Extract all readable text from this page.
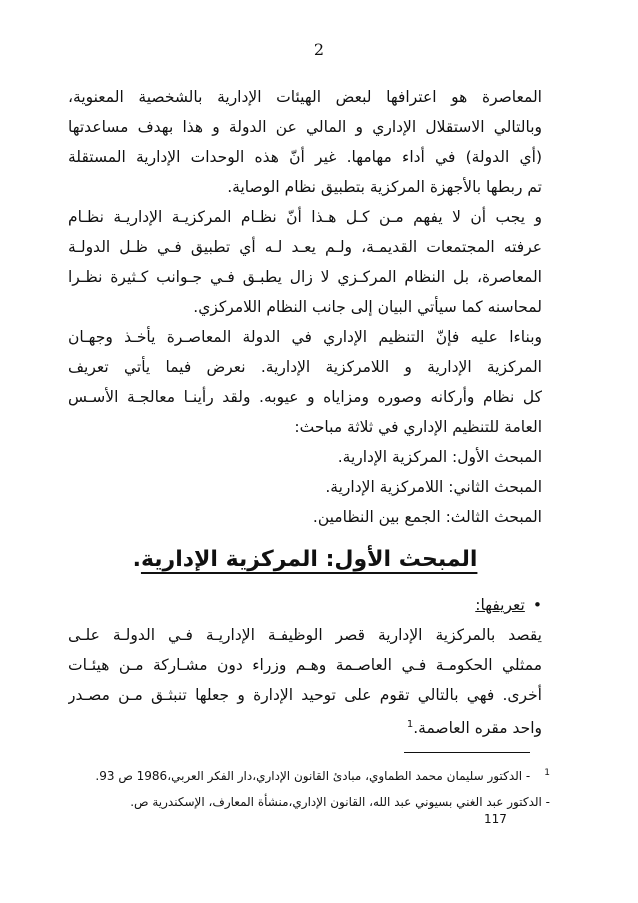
2
المعاصرة هو اعترافها لبعض الهيئات الإدارية بالشخصية المعنوية،
وبالتالي الاستقلال الإداري و المالي عن الدولة و هذا بهدف مساعدتها
(أي الدولة) في أداء مهامها. غير أنّ هذه الوحدات الإدارية المستقلة
تم ربطها بالأجهزة المركزية بتطبيق نظام الوصاية.
و يجب أن لا يفهم مـن كـل هـذا أنّ نظـام المركزيـة الإداريـة نظـام
عرفته المجتمعات القديمـة، ولـم يعـد لـه أي تطبيق فـي ظـل الدولـة
المعاصرة، بل النظام المركـزي لا زال يطبـق فـي جـوانب كـثيرة نظـرا
لمحاسنه كما سيأتي البيان إلى جانب النظام اللامركزي.
وبناءا عليه فإنّ التنظيم الإداري في الدولة المعاصـرة يأخـذ وجهـان
المركزية الإدارية و اللامركزية الإدارية. نعرض فيما يأتي تعريف
كل نظام وأركانه وصوره ومزاياه و عيوبه. ولقد رأينـا معالجـة الأسـس
العامة للتنظيم الإداري في ثلاثة مباحث:
المبحث الأول: المركزية الإدارية.
المبحث الثاني: اللامركزية الإدارية.
المبحث الثالث: الجمع بين النظامين.
المبحث الأول: المركزية الإدارية.
•تعريفها:
يقصد بالمركزية الإدارية قصر الوظيفـة الإداريـة فـي الدولـة علـى
ممثلي الحكومـة فـي العاصـمة وهـم وزراء دون مشـاركة مـن هيئـات
أخرى. فهي بالتالي تقوم على توحيد الإدارة و جعلها تنبثـق مـن مصـدر
واحد مقره العاصمة.$^1$
$^1$- الدكتور سليمان محمد الطماوي، مبادئ القانون الإداري،دار الفكر العربي،1986 ص 93.
- الدكتور عبد الغني بسيوني عبد الله، القانون الإداري،منشأة المعارف، الإسكندرية ص.
117
